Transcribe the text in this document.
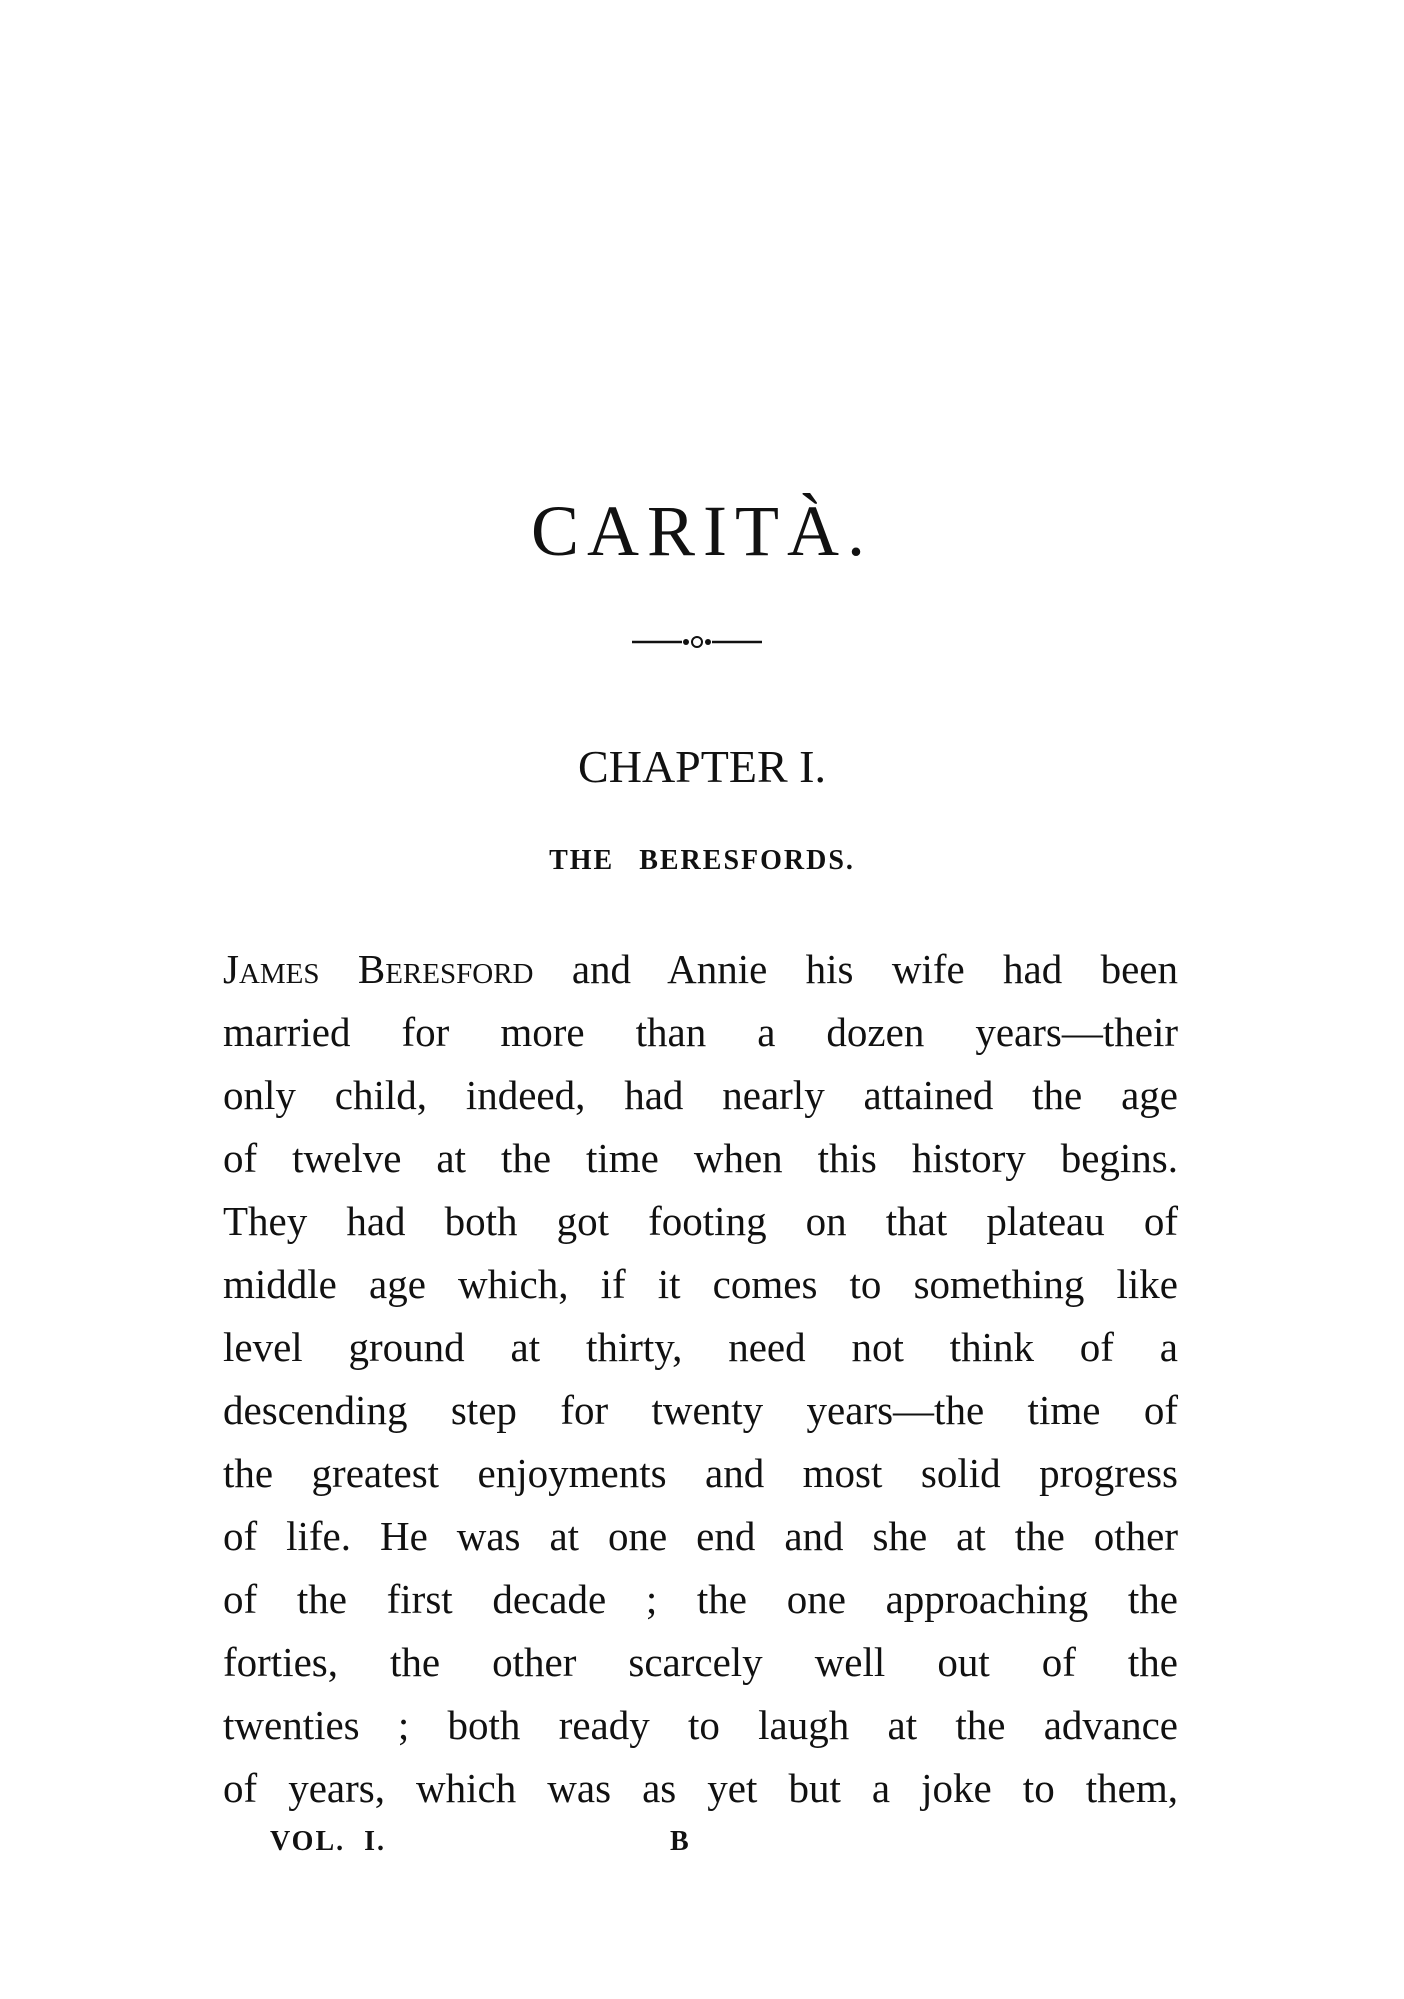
CARITÀ.
CHAPTER I.
THE BERESFORDS.
James Beresford and Annie his wife had been
married for more than a dozen years—their
only child, indeed, had nearly attained the age
of twelve at the time when this history begins.
They had both got footing on that plateau of
middle age which, if it comes to something like
level ground at thirty, need not think of a
descending step for twenty years—the time of
the greatest enjoyments and most solid progress
of life. He was at one end and she at the other
of the first decade ; the one approaching the
forties, the other scarcely well out of the
twenties ; both ready to laugh at the advance
of years, which was as yet but a joke to them,
VOL. I.	B
